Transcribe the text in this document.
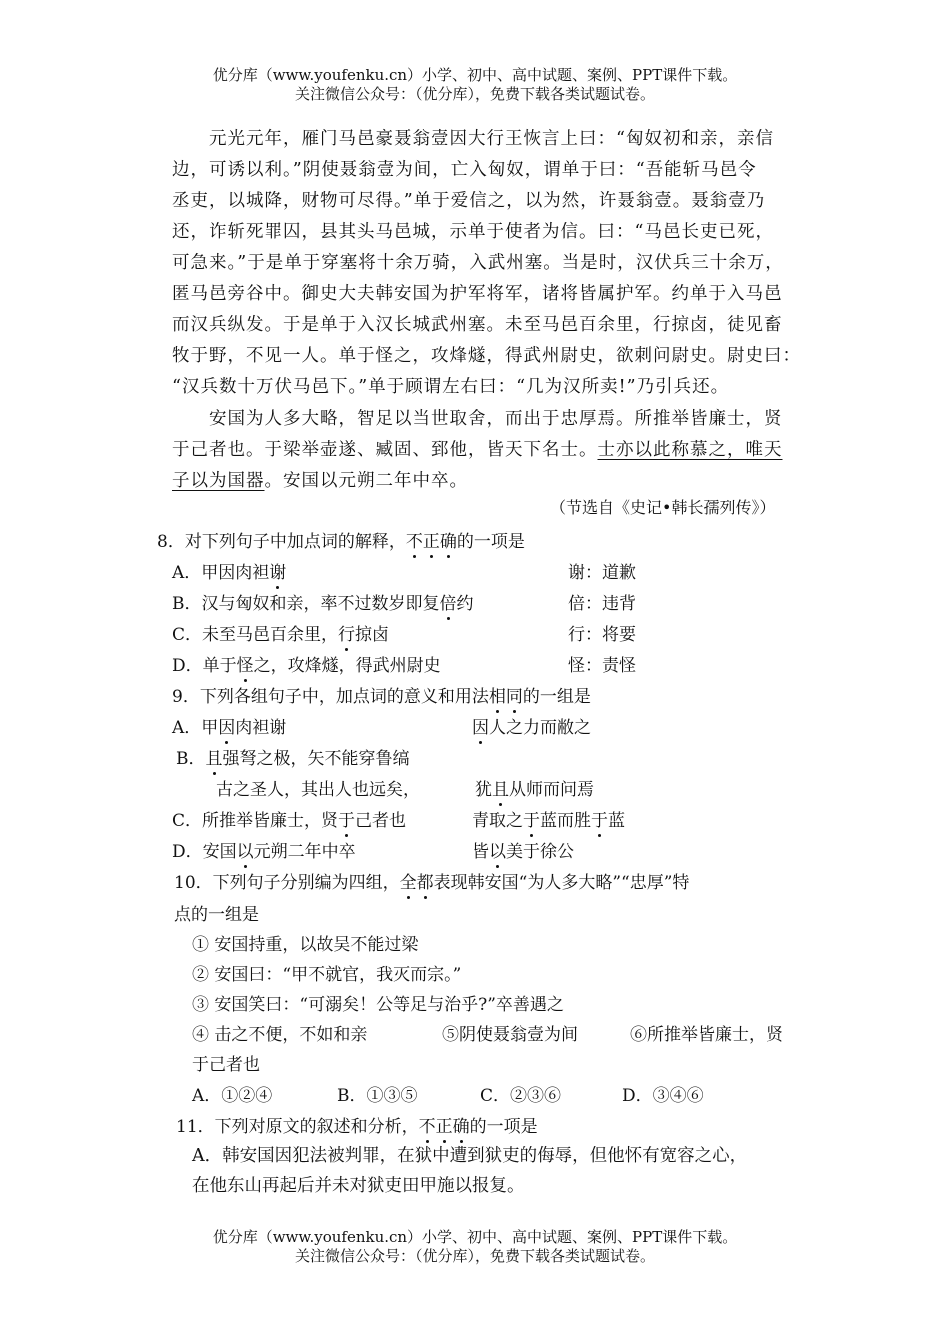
优分库（www.youfenku.cn）小学、初中、高中试题、案例、PPT课件下载。
关注微信公众号：（优分库），免费下载各类试题试卷。
元光元年，雁门马邑豪聂翁壹因大行王恢言上曰：“匈奴初和亲，亲信
边，可诱以利。”阴使聂翁壹为间，亡入匈奴，谓单于曰：“吾能斩马邑令
丞吏，以城降，财物可尽得。”单于爱信之，以为然，许聂翁壹。聂翁壹乃
还，诈斩死罪囚，县其头马邑城，示单于使者为信。曰：“马邑长吏已死，
可急来。”于是单于穿塞将十余万骑，入武州塞。当是时，汉伏兵三十余万，
匿马邑旁谷中。御史大夫韩安国为护军将军，诸将皆属护军。约单于入马邑
而汉兵纵发。于是单于入汉长城武州塞。未至马邑百余里，行掠卤，徒见畜
牧于野，不见一人。单于怪之，攻烽燧，得武州尉史，欲刺问尉史。尉史曰：
“汉兵数十万伏马邑下。”单于顾谓左右曰：“几为汉所卖!”乃引兵还。
安国为人多大略，智足以当世取舍，而出于忠厚焉。所推举皆廉士，贤
于己者也。于梁举壶遂、臧固、郅他，皆天下名士。士亦以此称慕之，唯天
子以为国器。安国以元朔二年中卒。
（节选自《史记•韩长孺列传》）
8．对下列句子中加点词的解释，不正确的一项是
A．甲因肉袒谢	谢：道歉
B．汉与匈奴和亲，率不过数岁即复倍约	倍：违背
C．未至马邑百余里，行掠卤	行：将要
D．单于怪之，攻烽燧，得武州尉史	怪：责怪
9．下列各组句子中，加点词的意义和用法相同的一组是
A．甲因肉袒谢	因人之力而敝之
B．且强弩之极，矢不能穿鲁缟
古之圣人，其出人也远矣，	犹且从师而问焉
C．所推举皆廉士，贤于己者也	青取之于蓝而胜于蓝
D．安国以元朔二年中卒	皆以美于徐公
10．下列句子分别编为四组，全都表现韩安国“为人多大略”“忠厚”特
点的一组是
① 安国持重，以故吴不能过梁
② 安国曰：“甲不就官，我灭而宗。”
③ 安国笑曰：“可溺矣！公等足与治乎?”卒善遇之
④ 击之不便，不如和亲	⑤阴使聂翁壹为间	⑥所推举皆廉士，贤
于己者也
A．①②④	B．①③⑤	C．②③⑥	D．③④⑥
11．下列对原文的叙述和分析，不正确的一项是
A．韩安国因犯法被判罪，在狱中遭到狱吏的侮辱，但他怀有宽容之心，
在他东山再起后并未对狱吏田甲施以报复。
优分库（www.youfenku.cn）小学、初中、高中试题、案例、PPT课件下载。
关注微信公众号：（优分库），免费下载各类试题试卷。
